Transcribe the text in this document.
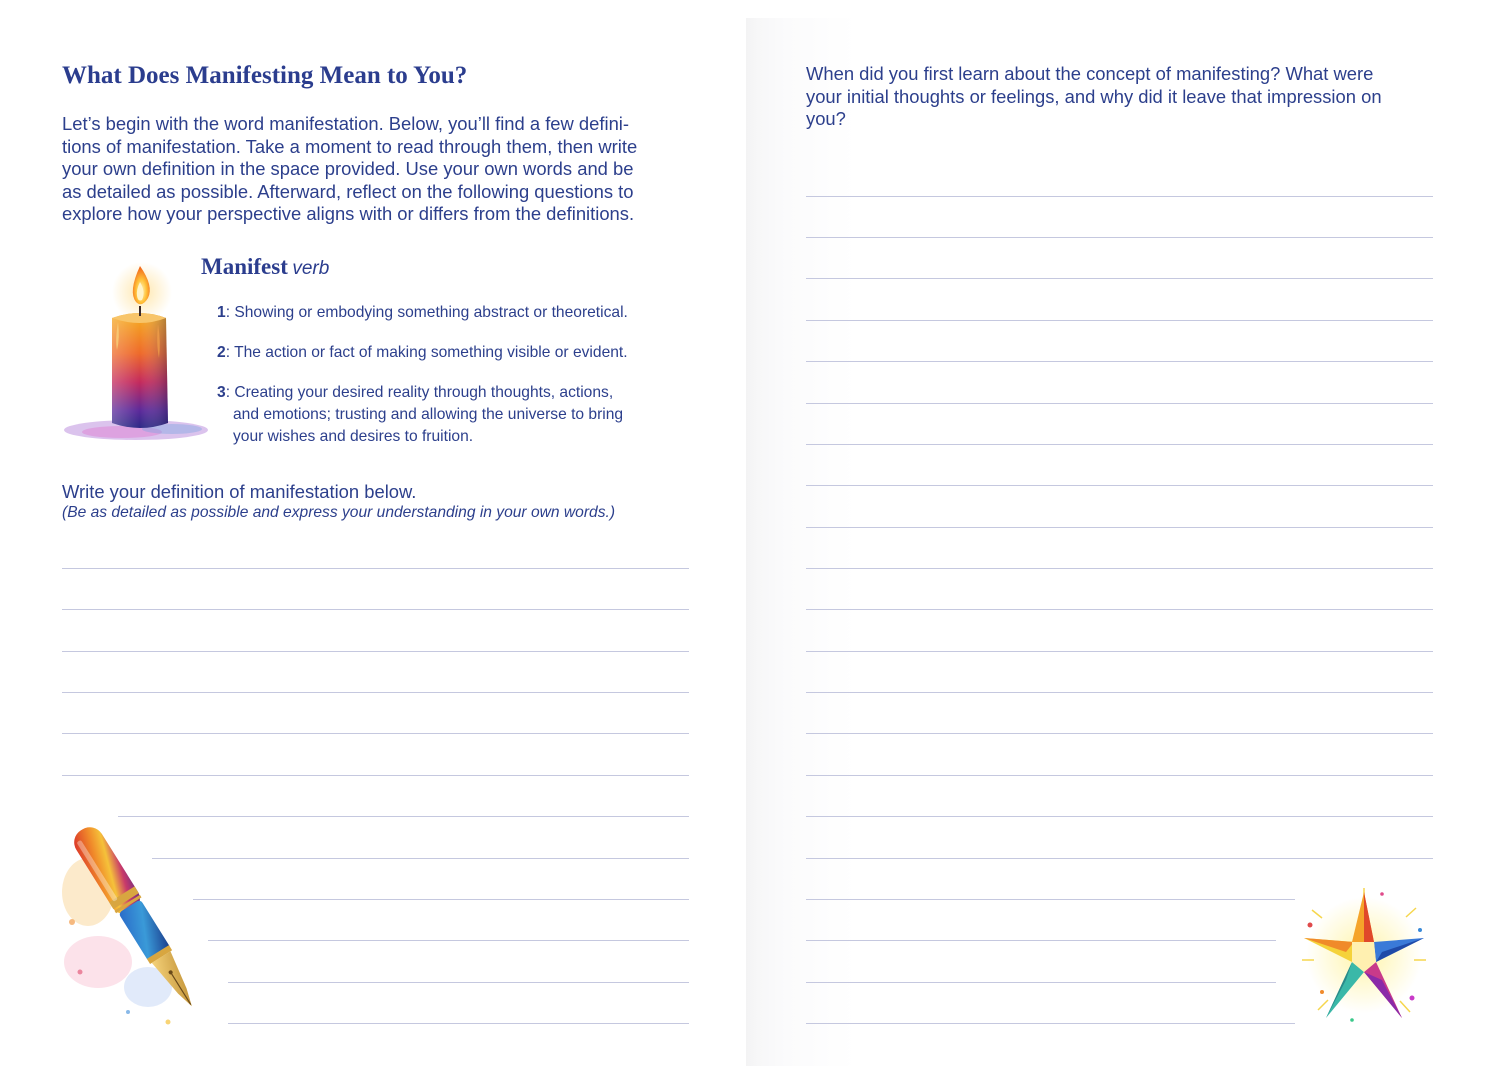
What Does Manifesting Mean to You?

Let’s begin with the word manifestation. Below, you’ll find a few defini-
tions of manifestation. Take a moment to read through them, then write
your own definition in the space provided. Use your own words and be
as detailed as possible. Afterward, reflect on the following questions to
explore how your perspective aligns with or differs from the definitions.

Manifest verb
1: Showing or embodying something abstract or theoretical.
2: The action or fact of making something visible or evident.
3: Creating your desired reality through thoughts, actions,
and emotions; trusting and allowing the universe to bring
your wishes and desires to fruition.

Write your definition of manifestation below.

(Be as detailed as possible and express your understanding in your own words.)

When did you first learn about the concept of manifesting? What were
your initial thoughts or feelings, and why did it leave that impression on
you?
